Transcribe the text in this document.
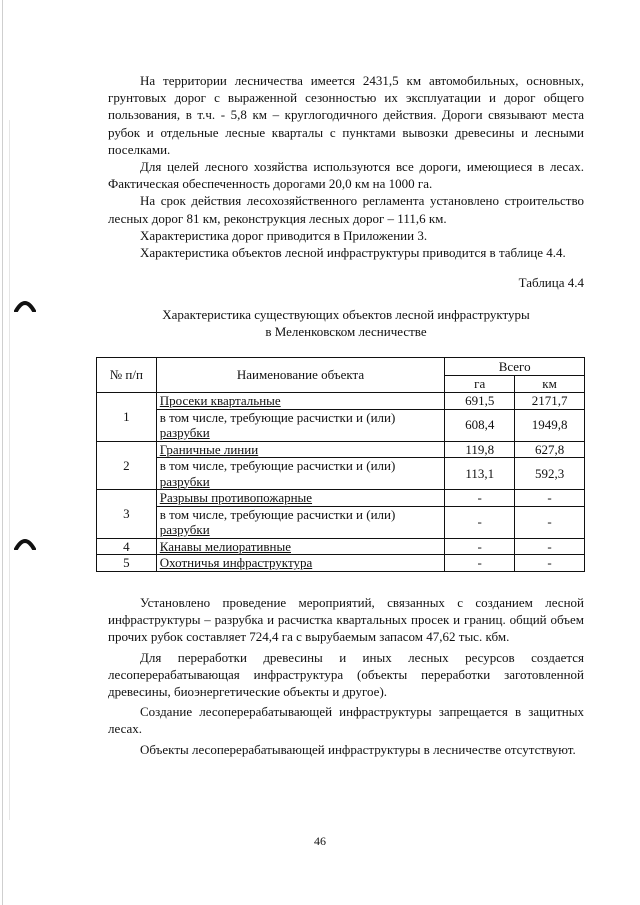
На территории лесничества имеется 2431,5 км автомобильных, основных, грунтовых дорог с выраженной сезонностью их эксплуатации и дорог общего пользования, в т.ч. - 5,8 км – круглогодичного действия. Дороги связывают места рубок и отдельные лесные кварталы с пунктами вывозки древесины и лесными поселками.

Для целей лесного хозяйства используются все дороги, имеющиеся в лесах. Фактическая обеспеченность дорогами 20,0 км на 1000 га.

На срок действия лесохозяйственного регламента установлено строительство лесных дорог 81 км, реконструкция лесных дорог – 111,6 км.

Характеристика дорог приводится в Приложении 3.

Характеристика объектов лесной инфраструктуры приводится в таблице 4.4.

Таблица 4.4
Характеристика существующих объектов лесной инфраструктуры
в Меленковском лесничестве
№ п/п	Наименование объекта	Всего	
		га	км
1	Просеки квартальные	691,5	2171,7
	в том числе, требующие расчистки и (или)
разрубки	608,4	1949,8
2	Граничные линии	119,8	627,8
	в том числе, требующие расчистки и (или)
разрубки	113,1	592,3
3	Разрывы противопожарные	-	-
	в том числе, требующие расчистки и (или)
разрубки	-	-
4	Канавы мелиоративные	-	-
5	Охотничья инфраструктура	-	-

Установлено проведение мероприятий, связанных с созданием лесной инфраструктуры – разрубка и расчистка квартальных просек и границ. общий объем прочих рубок составляет 724,4 га с вырубаемым запасом 47,62 тыс. кбм.

Для переработки древесины и иных лесных ресурсов создается лесоперерабатывающая инфраструктура (объекты переработки заготовленной древесины, биоэнергетические объекты и другое).

Создание лесоперерабатывающей инфраструктуры запрещается в защитных лесах.

Объекты лесоперерабатывающей инфраструктуры в лесничестве отсутствуют.

46
